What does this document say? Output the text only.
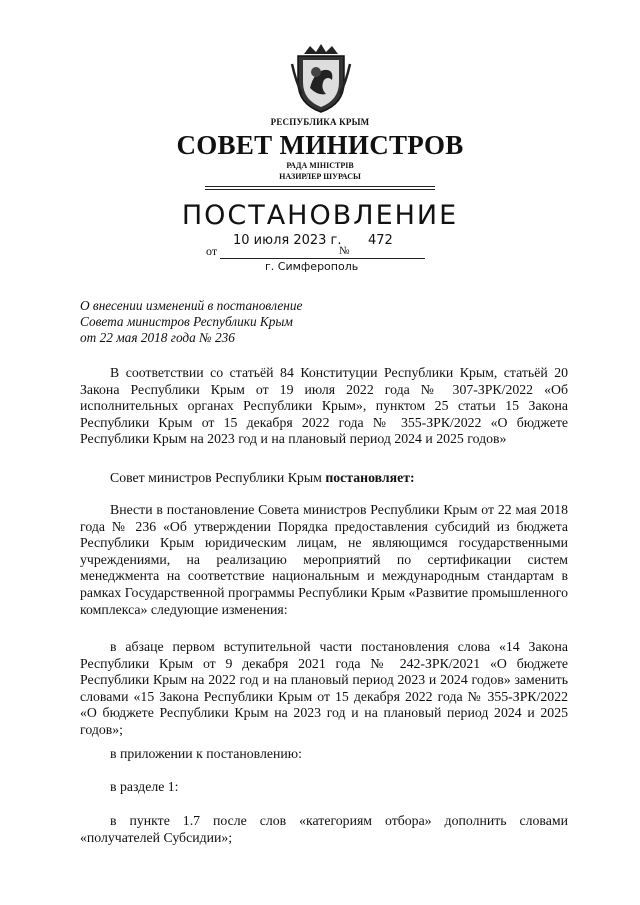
РЕСПУБЛИКА КРЫМ
СОВЕТ МИНИСТРОВ
РАДА МІНІСТРІВ
НАЗИРЛЕР ШУРАСЫ
ПОСТАНОВЛЕНИЕ
от
10 июля 2023 г.
№
472
г. Симферополь
О внесении изменений в постановление
Совета министров Республики Крым
от 22 мая 2018 года № 236

В соответствии со статьёй 84 Конституции Республики Крым, статьёй 20 Закона Республики Крым от 19 июля 2022 года № 307-ЗРК/2022 «Об исполнительных органах Республики Крым», пунктом 25 статьи 15 Закона Республики Крым от 15 декабря 2022 года № 355-ЗРК/2022 «О бюджете Республики Крым на 2023 год и на плановый период 2024 и 2025 годов»

Совет министров Республики Крым постановляет:

Внести в постановление Совета министров Республики Крым от 22 мая 2018 года № 236 «Об утверждении Порядка предоставления субсидий из бюджета Республики Крым юридическим лицам, не являющимся государственными учреждениями, на реализацию мероприятий по сертификации систем менеджмента на соответствие национальным и международным стандартам в рамках Государственной программы Республики Крым «Развитие промышленного комплекса» следующие изменения:

в абзаце первом вступительной части постановления слова «14 Закона Республики Крым от 9 декабря 2021 года № 242-ЗРК/2021 «О бюджете Республики Крым на 2022 год и на плановый период 2023 и 2024 годов» заменить словами «15 Закона Республики Крым от 15 декабря 2022 года № 355-ЗРК/2022 «О бюджете Республики Крым на 2023 год и на плановый период 2024 и 2025 годов»;

в приложении к постановлению:

в разделе 1:

в пункте 1.7 после слов «категориям отбора» дополнить словами «получателей Субсидии»;
